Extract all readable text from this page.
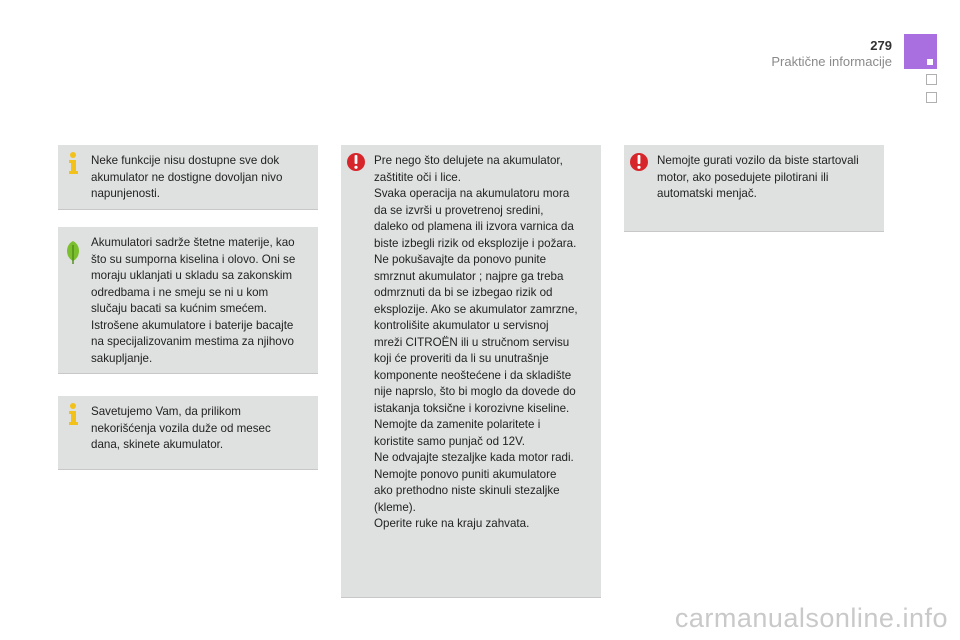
279
Praktične informacije
Neke funkcije nisu dostupne sve dok
akumulator ne dostigne dovoljan nivo
napunjenosti.
Akumulatori sadrže štetne materije, kao
što su sumporna kiselina i olovo. Oni se
moraju uklanjati u skladu sa zakonskim
odredbama i ne smeju se ni u kom
slučaju bacati sa kućnim smećem.
Istrošene akumulatore i baterije bacajte
na specijalizovanim mestima za njihovo
sakupljanje.
Savetujemo Vam, da prilikom
nekorišćenja vozila duže od mesec
dana, skinete akumulator.
Pre nego što delujete na akumulator,
zaštitite oči i lice.
Svaka operacija na akumulatoru mora
da se izvrši u provetrenoj sredini,
daleko od plamena ili izvora varnica da
biste izbegli rizik od eksplozije i požara.
Ne pokušavajte da ponovo punite
smrznut akumulator ; najpre ga treba
odmrznuti da bi se izbegao rizik od
eksplozije. Ako se akumulator zamrzne,
kontrolišite akumulator u servisnoj
mreži CITROËN ili u stručnom servisu
koji će proveriti da li su unutrašnje
komponente neoštećene i da skladište
nije naprslo, što bi moglo da dovede do
istakanja toksične i korozivne kiseline.
Nemojte da zamenite polaritete i
koristite samo punjač od 12V.
Ne odvajajte stezaljke kada motor radi.
Nemojte ponovo puniti akumulatore
ako prethodno niste skinuli stezaljke
(kleme).
Operite ruke na kraju zahvata.
Nemojte gurati vozilo da biste startovali
motor, ako posedujete pilotirani ili
automatski menjač.
carmanualsonline.info
